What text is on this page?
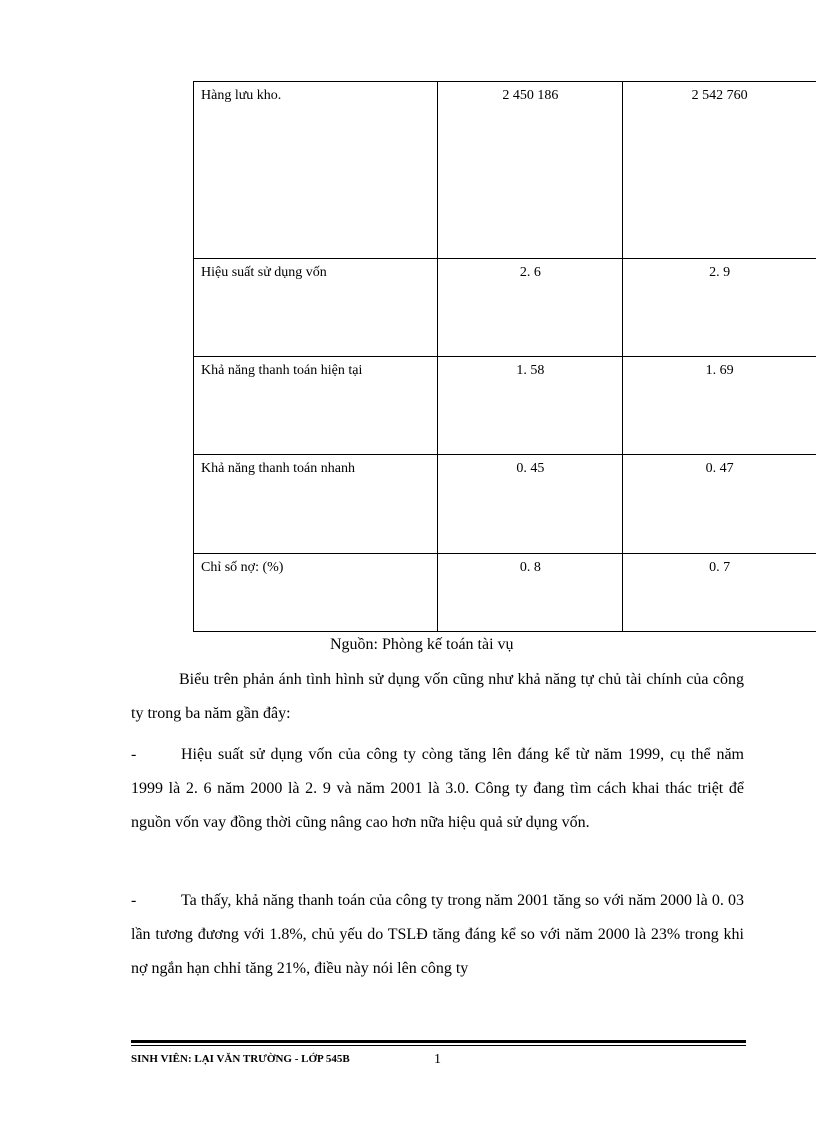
Hàng lưu kho.	2 450 186	2 542 760
Hiệu suất sử dụng vốn	2. 6	2. 9
Khả năng thanh toán hiện tại	1. 58	1. 69
Khả năng thanh toán nhanh	0. 45	0. 47
Chỉ số nợ: (%)	0. 8	0. 7
Nguồn: Phòng kế toán tài vụ

Biểu trên phản ánh tình hình sử dụng vốn cũng như khả năng tự chủ tài chính của công ty trong ba năm gần đây:

-	Hiệu suất sử dụng vốn của công ty còng tăng lên đáng kể từ năm 1999, cụ thể năm 1999 là 2. 6 năm 2000 là 2. 9 và năm 2001 là 3.0. Công ty đang tìm cách khai thác triệt để nguồn vốn vay đồng thời cũng nâng cao hơn nữa hiệu quả sử dụng vốn.

-	Ta thấy, khả năng thanh toán của công ty trong năm 2001 tăng so với năm 2000 là 0. 03 lần tương đương với 1.8%, chủ yếu do TSLĐ tăng đáng kể so với năm 2000 là 23% trong khi nợ ngắn hạn chhỉ tăng 21%, điều này nói lên công ty

SINH VIÊN: LẠI VĂN TRƯỜNG - LỚP 545B	1
